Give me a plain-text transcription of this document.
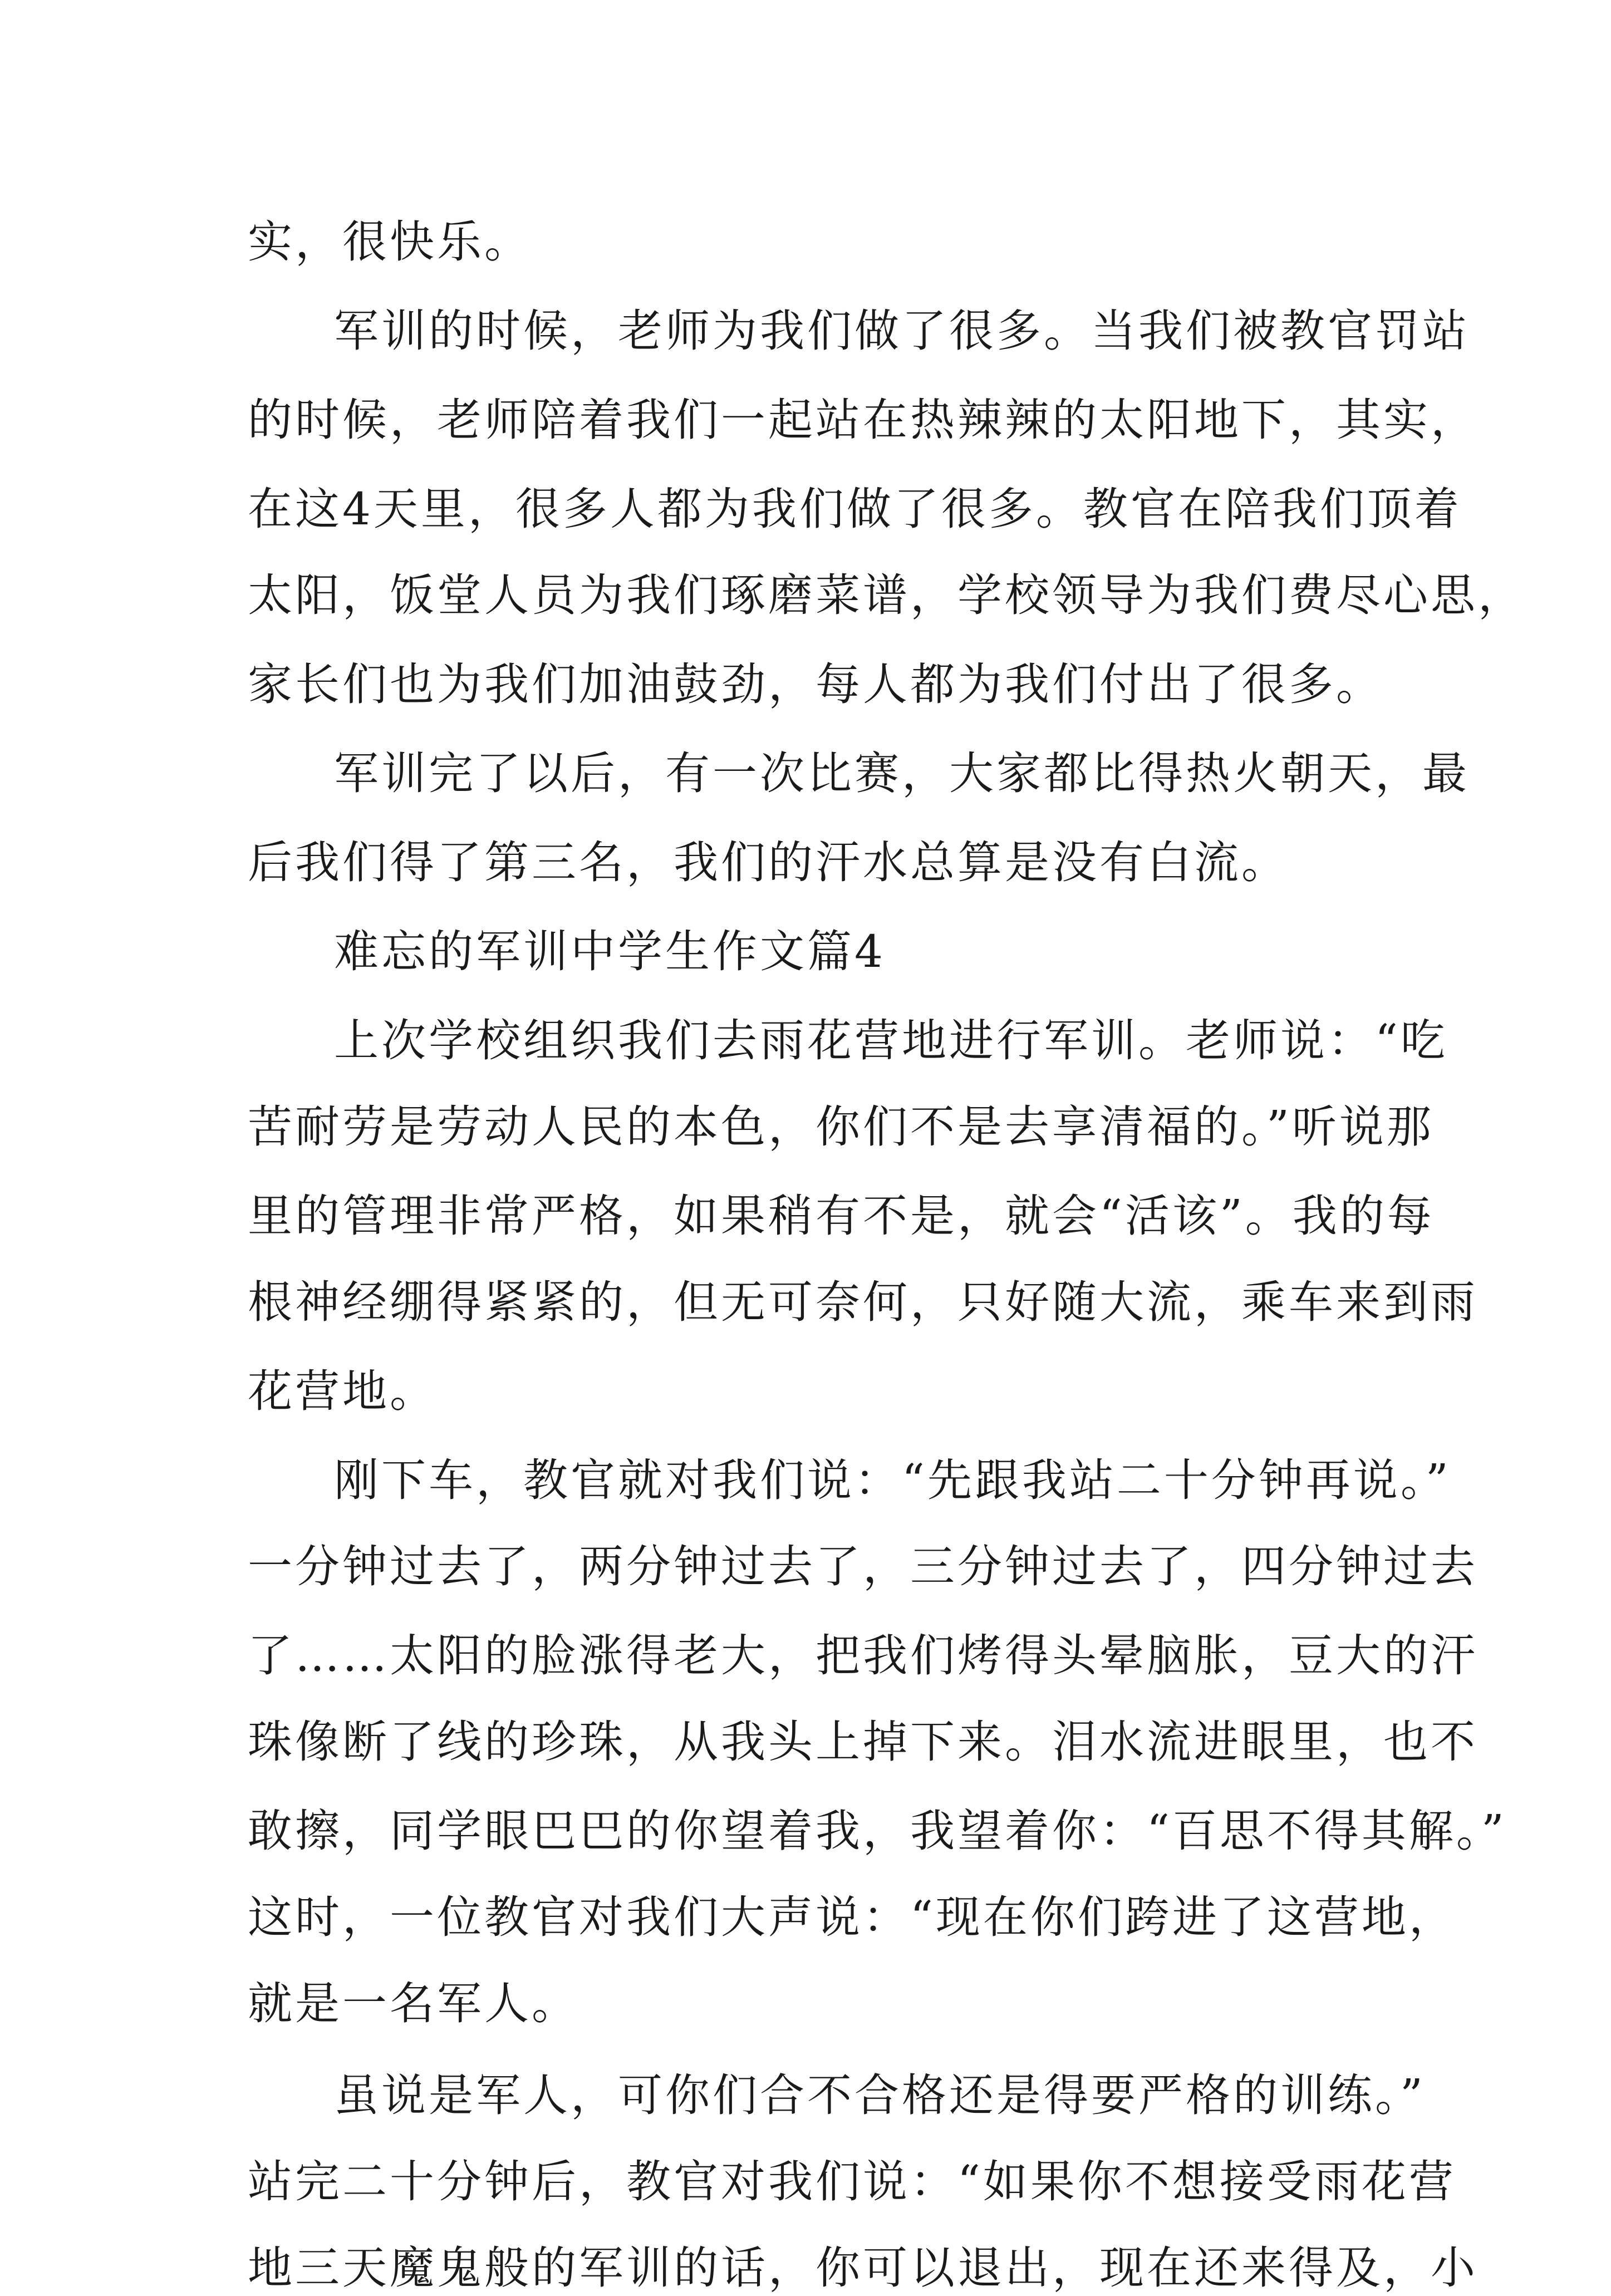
实，很快乐。

军训的时候，老师为我们做了很多。当我们被教官罚站

的时候，老师陪着我们一起站在热辣辣的太阳地下，其实，

在这4天里，很多人都为我们做了很多。教官在陪我们顶着

太阳，饭堂人员为我们琢磨菜谱，学校领导为我们费尽心思，

家长们也为我们加油鼓劲，每人都为我们付出了很多。

军训完了以后，有一次比赛，大家都比得热火朝天，最

后我们得了第三名，我们的汗水总算是没有白流。

难忘的军训中学生作文篇4

上次学校组织我们去雨花营地进行军训。老师说：“吃

苦耐劳是劳动人民的本色，你们不是去享清福的。”听说那

里的管理非常严格，如果稍有不是，就会“活该”。我的每

根神经绷得紧紧的，但无可奈何，只好随大流，乘车来到雨

花营地。

刚下车，教官就对我们说：“先跟我站二十分钟再说。”

一分钟过去了，两分钟过去了，三分钟过去了，四分钟过去

了……太阳的脸涨得老大，把我们烤得头晕脑胀，豆大的汗

珠像断了线的珍珠，从我头上掉下来。泪水流进眼里，也不

敢擦，同学眼巴巴的你望着我，我望着你：“百思不得其解。”

这时，一位教官对我们大声说：“现在你们跨进了这营地，

就是一名军人。

虽说是军人，可你们合不合格还是得要严格的训练。”

站完二十分钟后，教官对我们说：“如果你不想接受雨花营

地三天魔鬼般的军训的话，你可以退出，现在还来得及，小
